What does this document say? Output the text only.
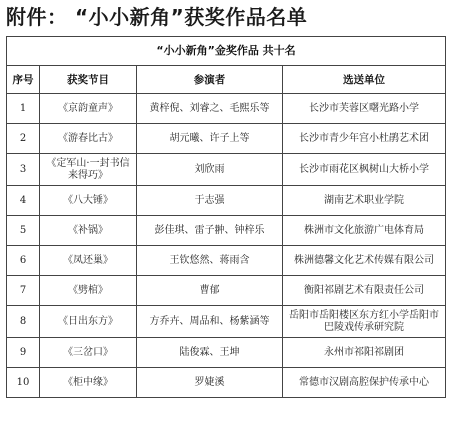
附件： “小小新角”获奖作品名单
“小小新角”金奖作品 共十名			
序号	获奖节目	参演者	选送单位
1	《京韵童声》	黄梓倪、刘睿之、毛熙乐等	长沙市芙蓉区曙光路小学
2	《游春比古》	胡元曦、许子上等	长沙市青少年宫小杜鹃艺术团
3	《定军山·一封书信来得巧》	刘欣雨	长沙市雨花区枫树山大桥小学
4	《八大锤》	于志强	湖南艺术职业学院
5	《补锅》	彭佳琪、雷子翀、钟梓乐	株洲市文化旅游广电体育局
6	《凤还巢》	王钦悠然、蒋雨含	株洲德馨文化艺术传媒有限公司
7	《劈棺》	曹郁	衡阳祁剧艺术有限责任公司
8	《日出东方》	方乔卉、周品和、杨紫涵等	岳阳市岳阳楼区东方红小学岳阳市巴陵戏传承研究院
9	《三岔口》	陆俊霖、王坤	永州市祁阳祁剧团
10	《柜中缘》	罗婕溪	常德市汉剧高腔保护传承中心
